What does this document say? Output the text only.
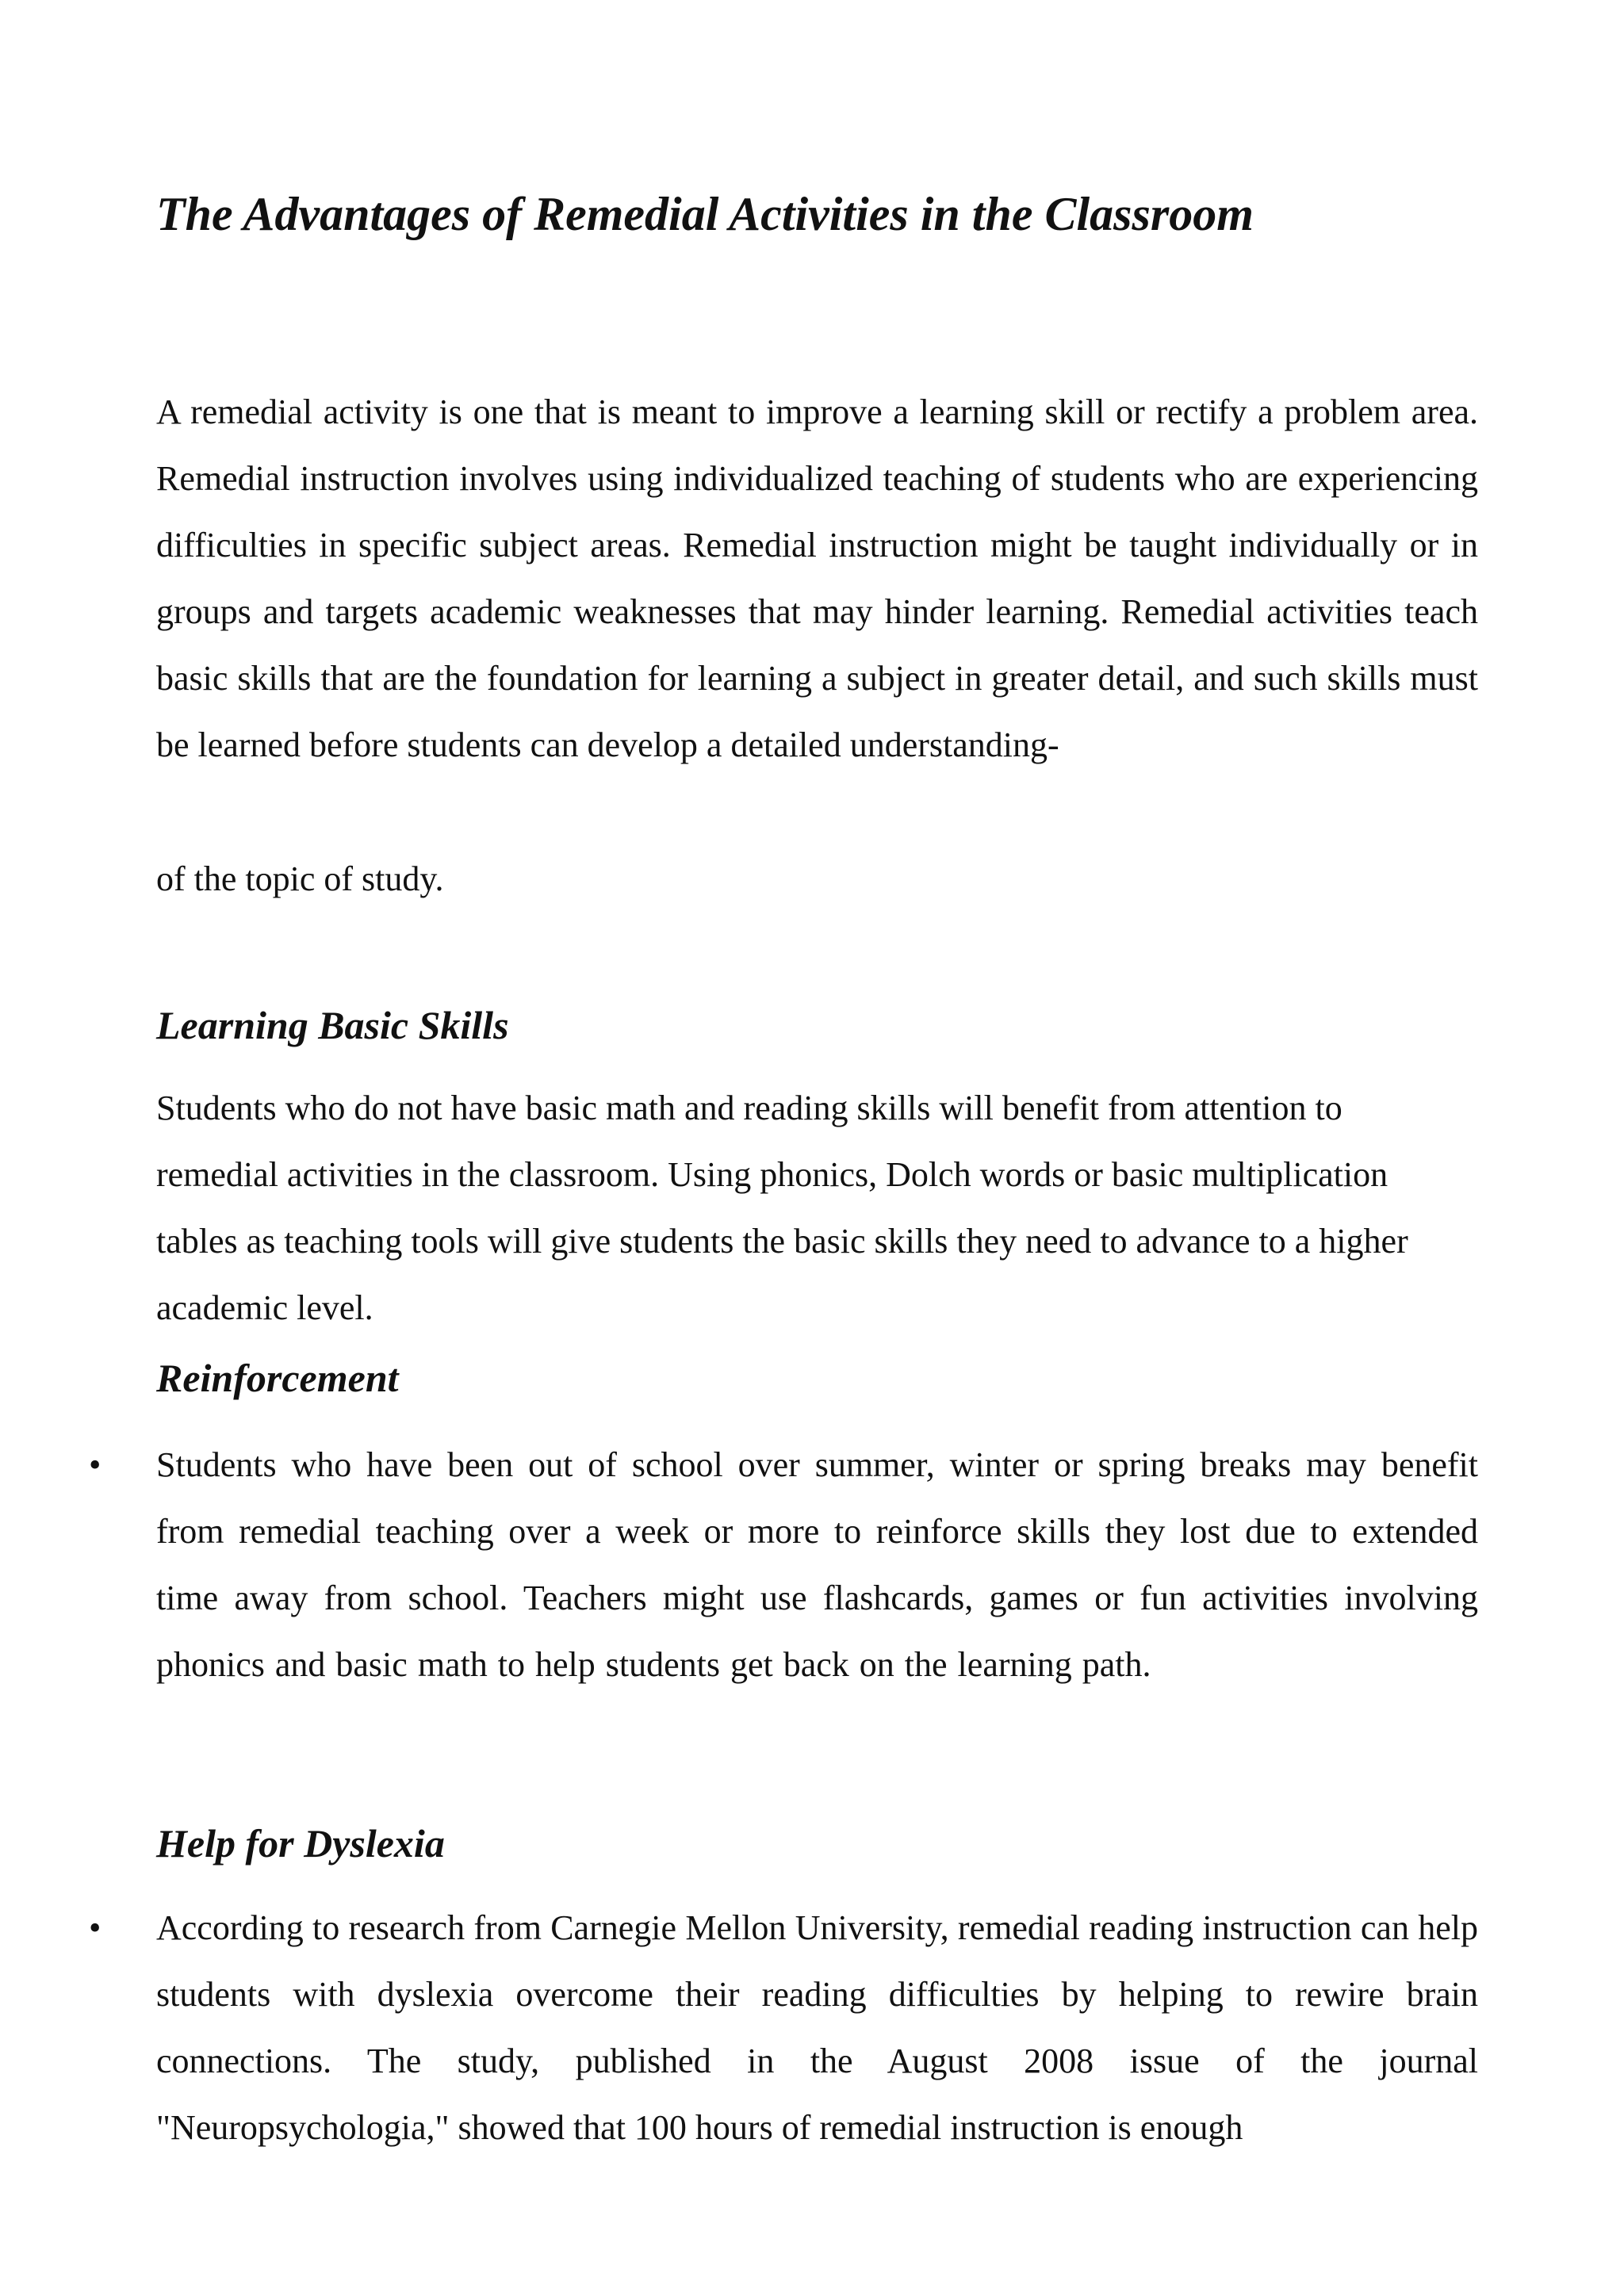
The Advantages of Remedial Activities in the Classroom

A remedial activity is one that is meant to improve a learning skill or rectify a problem area. Remedial instruction involves using individualized teaching of students who are experiencing difficulties in specific subject areas. Remedial instruction might be taught individually or in groups and targets academic weaknesses that may hinder learning. Remedial activities teach basic skills that are the foundation for learning a subject in greater detail, and such skills must be learned before students can develop a detailed understanding-

of the topic of study.

Learning Basic Skills

Students who do not have basic math and reading skills will benefit from attention to remedial activities in the classroom. Using phonics, Dolch words or basic multiplication tables as teaching tools will give students the basic skills they need to advance to a higher academic level.

Reinforcement
• Students who have been out of school over summer, winter or spring breaks may benefit from remedial teaching over a week or more to reinforce skills they lost due to extended time away from school. Teachers might use flashcards, games or fun activities involving phonics and basic math to help students get back on the learning path.

Help for Dyslexia
• According to research from Carnegie Mellon University, remedial reading instruction can help students with dyslexia overcome their reading difficulties by helping to rewire brain connections. The study, published in the August 2008 issue of the journal "Neuropsychologia," showed that 100 hours of remedial instruction is enough
